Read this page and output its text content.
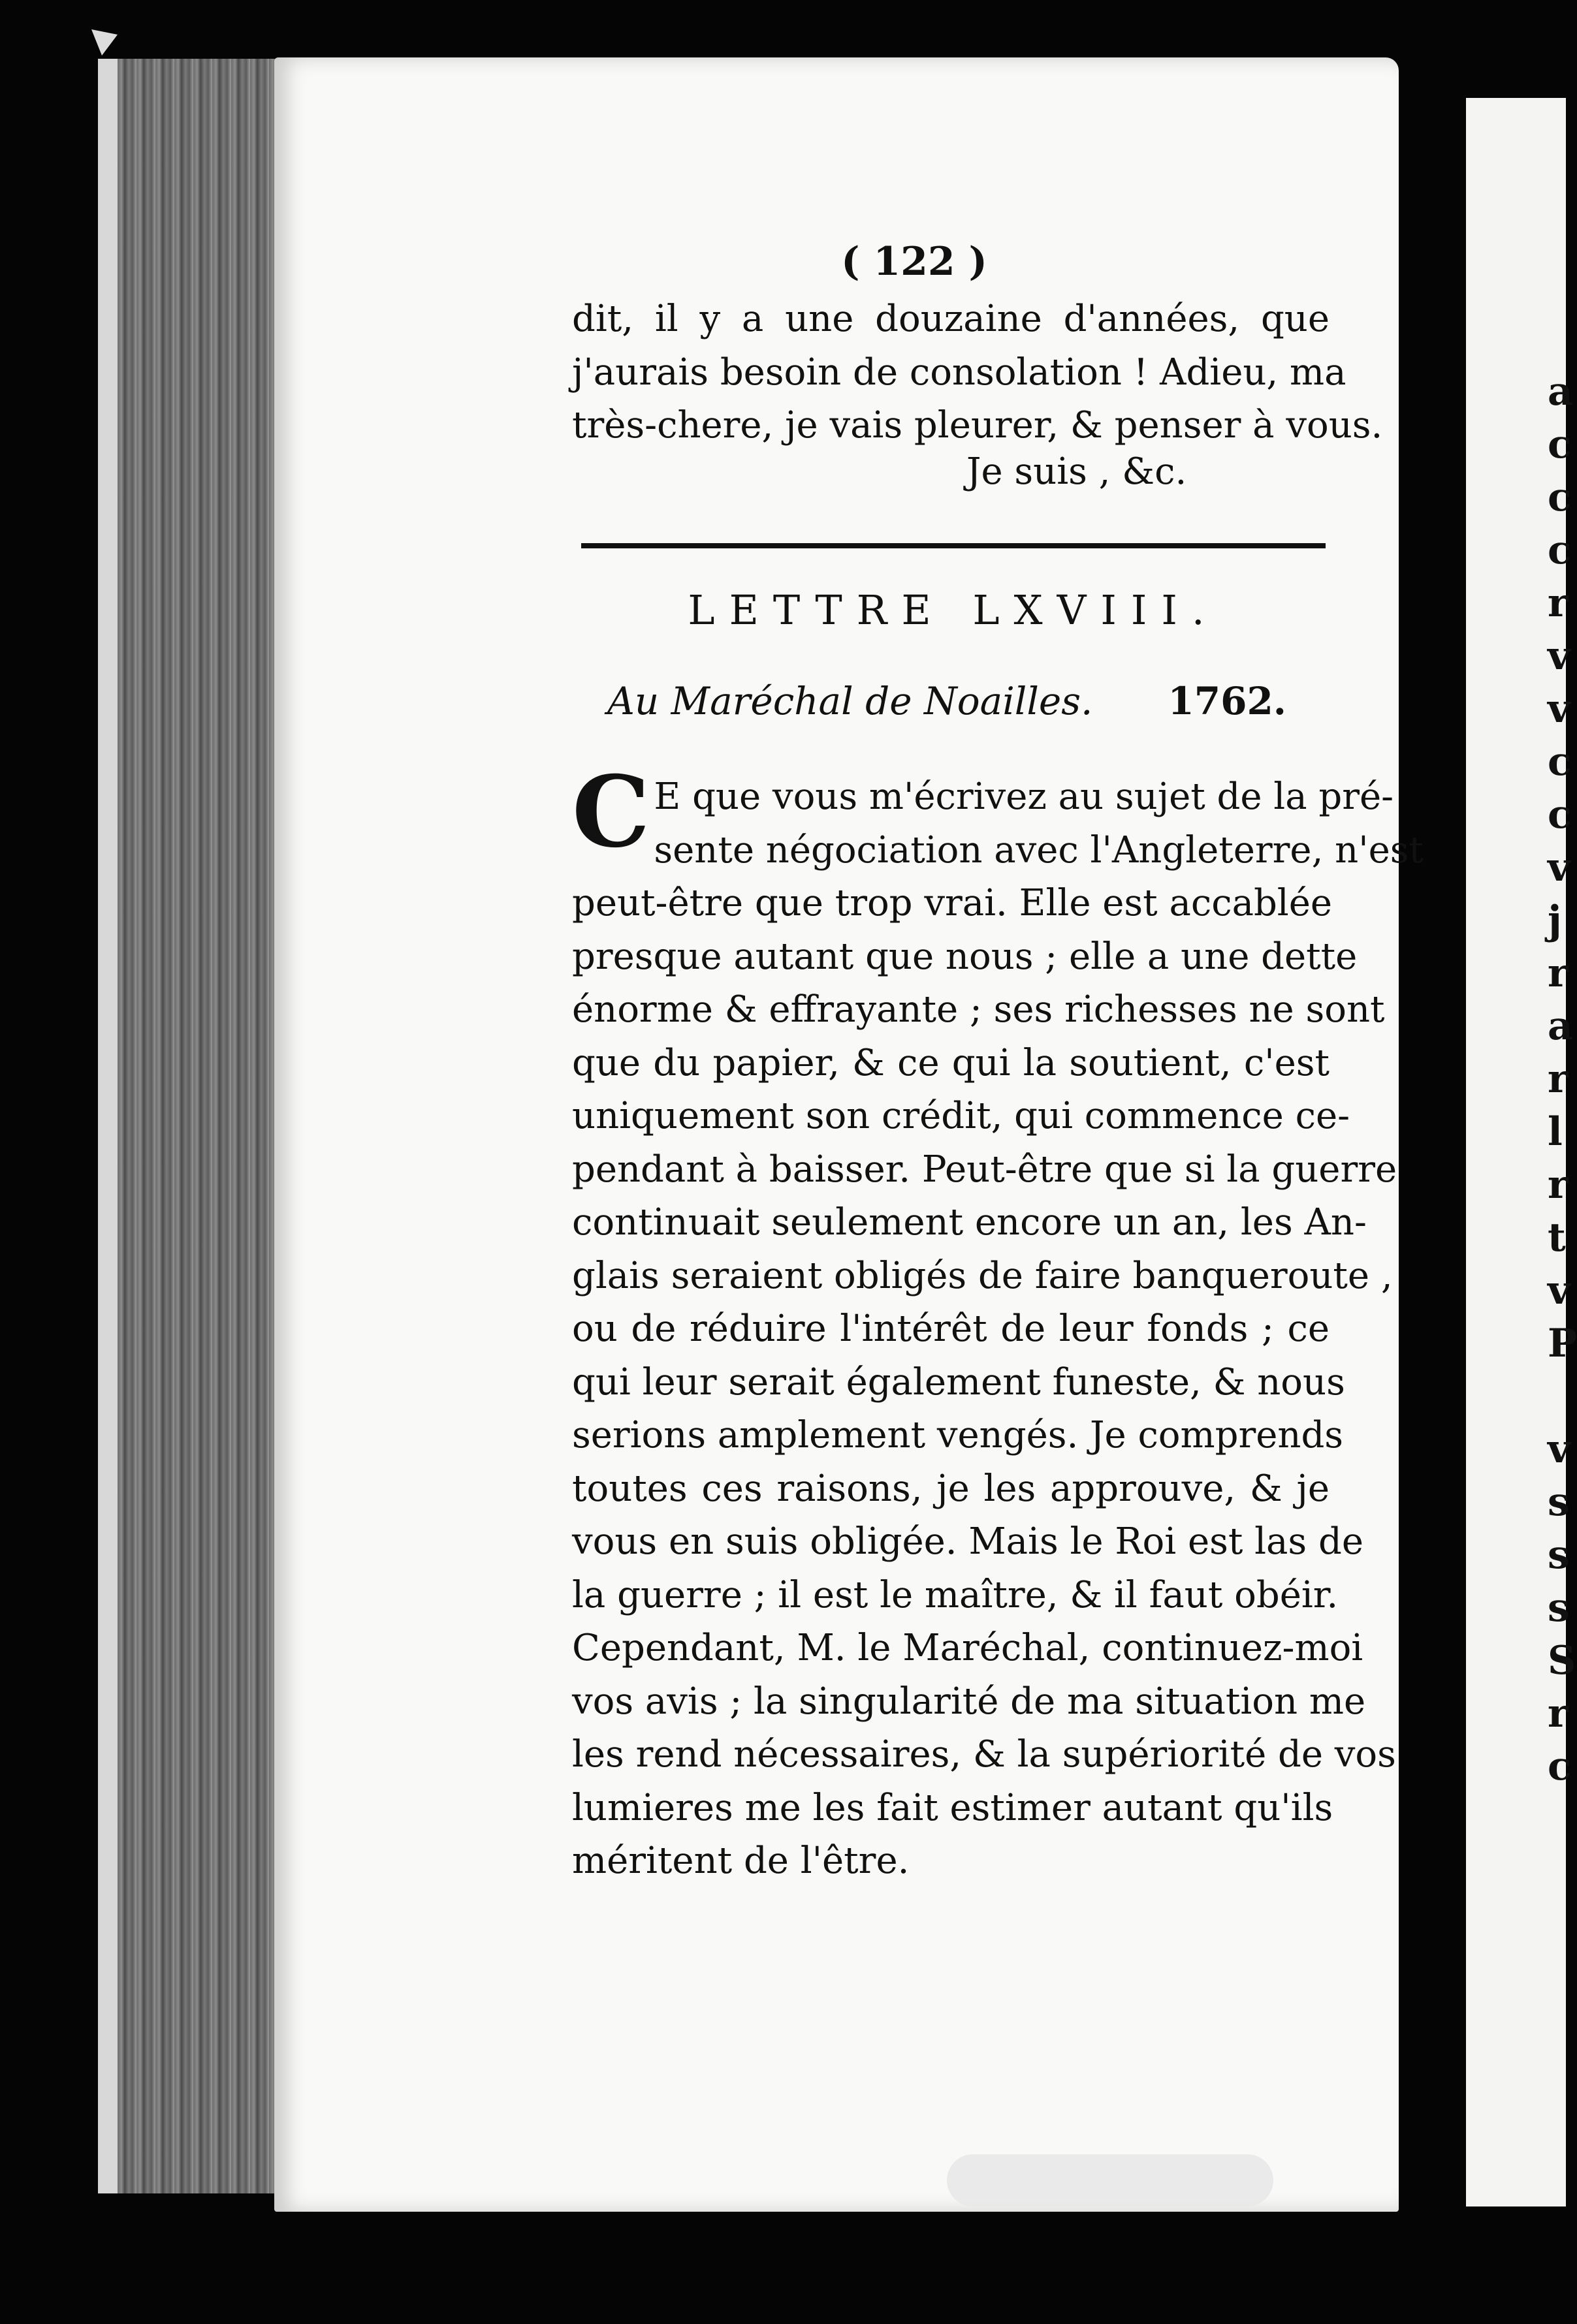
a
c
c
c
r
v
v
c
c
v
j
r
a
r
l
r
t
v
P

v
s
s
s
S
r
c
( 122 )
dit, il y a une douzaine d'années, que
j'aurais besoin de consolation ! Adieu, ma
très-chere, je vais pleurer, & penser à vous.
Je suis , &c.
LETTRE LXVIII.
Au Maréchal de Noailles. 1762.
C E que vous m'écrivez au sujet de la pré-
sente négociation avec l'Angleterre, n'est
peut-être que trop vrai. Elle est accablée
presque autant que nous ; elle a une dette
énorme & effrayante ; ses richesses ne sont
que du papier, & ce qui la soutient, c'est
uniquement son crédit, qui commence ce-
pendant à baisser. Peut-être que si la guerre
continuait seulement encore un an, les An-
glais seraient obligés de faire banqueroute ,
ou de réduire l'intérêt de leur fonds ; ce
qui leur serait également funeste, & nous
serions amplement vengés. Je comprends
toutes ces raisons, je les approuve, & je
vous en suis obligée. Mais le Roi est las de
la guerre ; il est le maître, & il faut obéir.
Cependant, M. le Maréchal, continuez-moi
vos avis ; la singularité de ma situation me
les rend nécessaires, & la supériorité de vos
lumieres me les fait estimer autant qu'ils
méritent de l'être.
